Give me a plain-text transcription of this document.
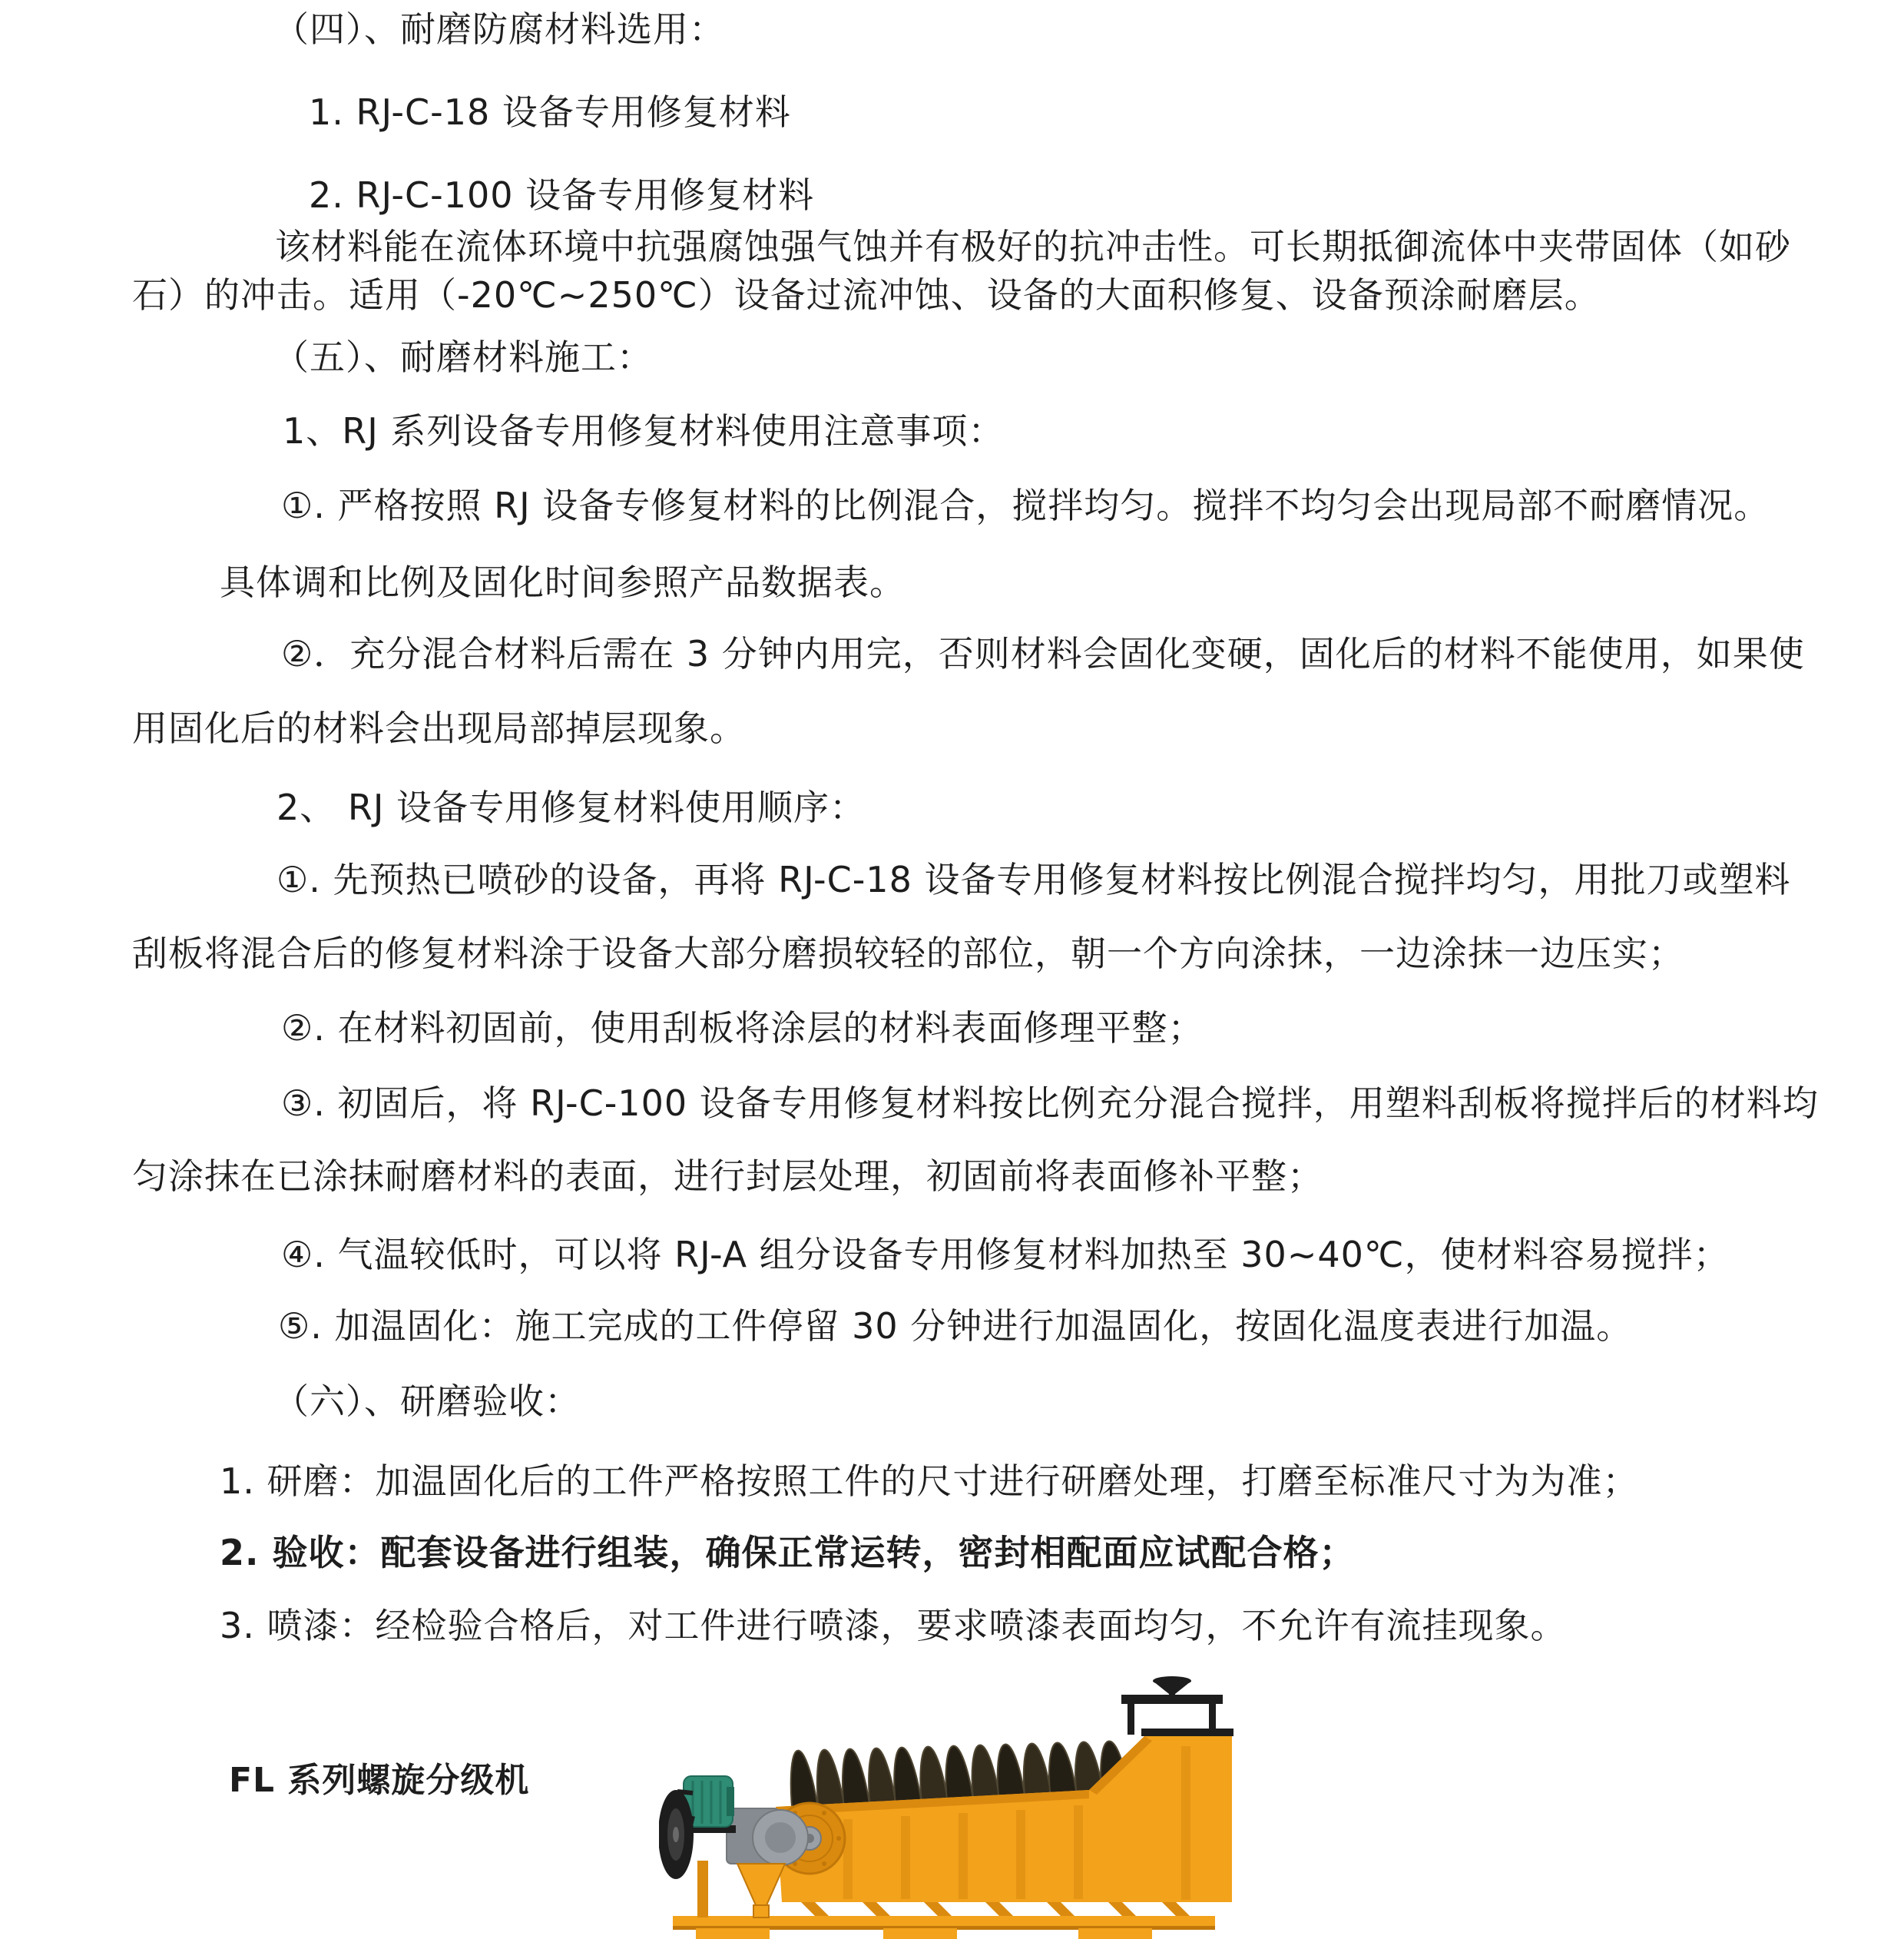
（四）、耐磨防腐材料选用：
1. RJ-C-18 设备专用修复材料
2. RJ-C-100 设备专用修复材料
该材料能在流体环境中抗强腐蚀强气蚀并有极好的抗冲击性。可长期抵御流体中夹带固体（如砂
石）的冲击。适用（-20℃~250℃）设备过流冲蚀、设备的大面积修复、设备预涂耐磨层。
（五）、耐磨材料施工：
1、RJ 系列设备专用修复材料使用注意事项：
①. 严格按照 RJ 设备专修复材料的比例混合，搅拌均匀。搅拌不均匀会出现局部不耐磨情况。
具体调和比例及固化时间参照产品数据表。
②．充分混合材料后需在 3 分钟内用完，否则材料会固化变硬，固化后的材料不能使用，如果使
用固化后的材料会出现局部掉层现象。
2、 RJ 设备专用修复材料使用顺序：
①. 先预热已喷砂的设备，再将 RJ-C-18 设备专用修复材料按比例混合搅拌均匀，用批刀或塑料
刮板将混合后的修复材料涂于设备大部分磨损较轻的部位，朝一个方向涂抹，一边涂抹一边压实；
②. 在材料初固前，使用刮板将涂层的材料表面修理平整；
③. 初固后，将 RJ-C-100 设备专用修复材料按比例充分混合搅拌，用塑料刮板将搅拌后的材料均
匀涂抹在已涂抹耐磨材料的表面，进行封层处理，初固前将表面修补平整；
④. 气温较低时，可以将 RJ-A 组分设备专用修复材料加热至 30~40℃，使材料容易搅拌；
⑤. 加温固化：施工完成的工件停留 30 分钟进行加温固化，按固化温度表进行加温。
（六）、研磨验收：
1. 研磨：加温固化后的工件严格按照工件的尺寸进行研磨处理，打磨至标准尺寸为为准；
2. 验收：配套设备进行组装，确保正常运转，密封相配面应试配合格；
3. 喷漆：经检验合格后，对工件进行喷漆，要求喷漆表面均匀，不允许有流挂现象。
FL 系列螺旋分级机
